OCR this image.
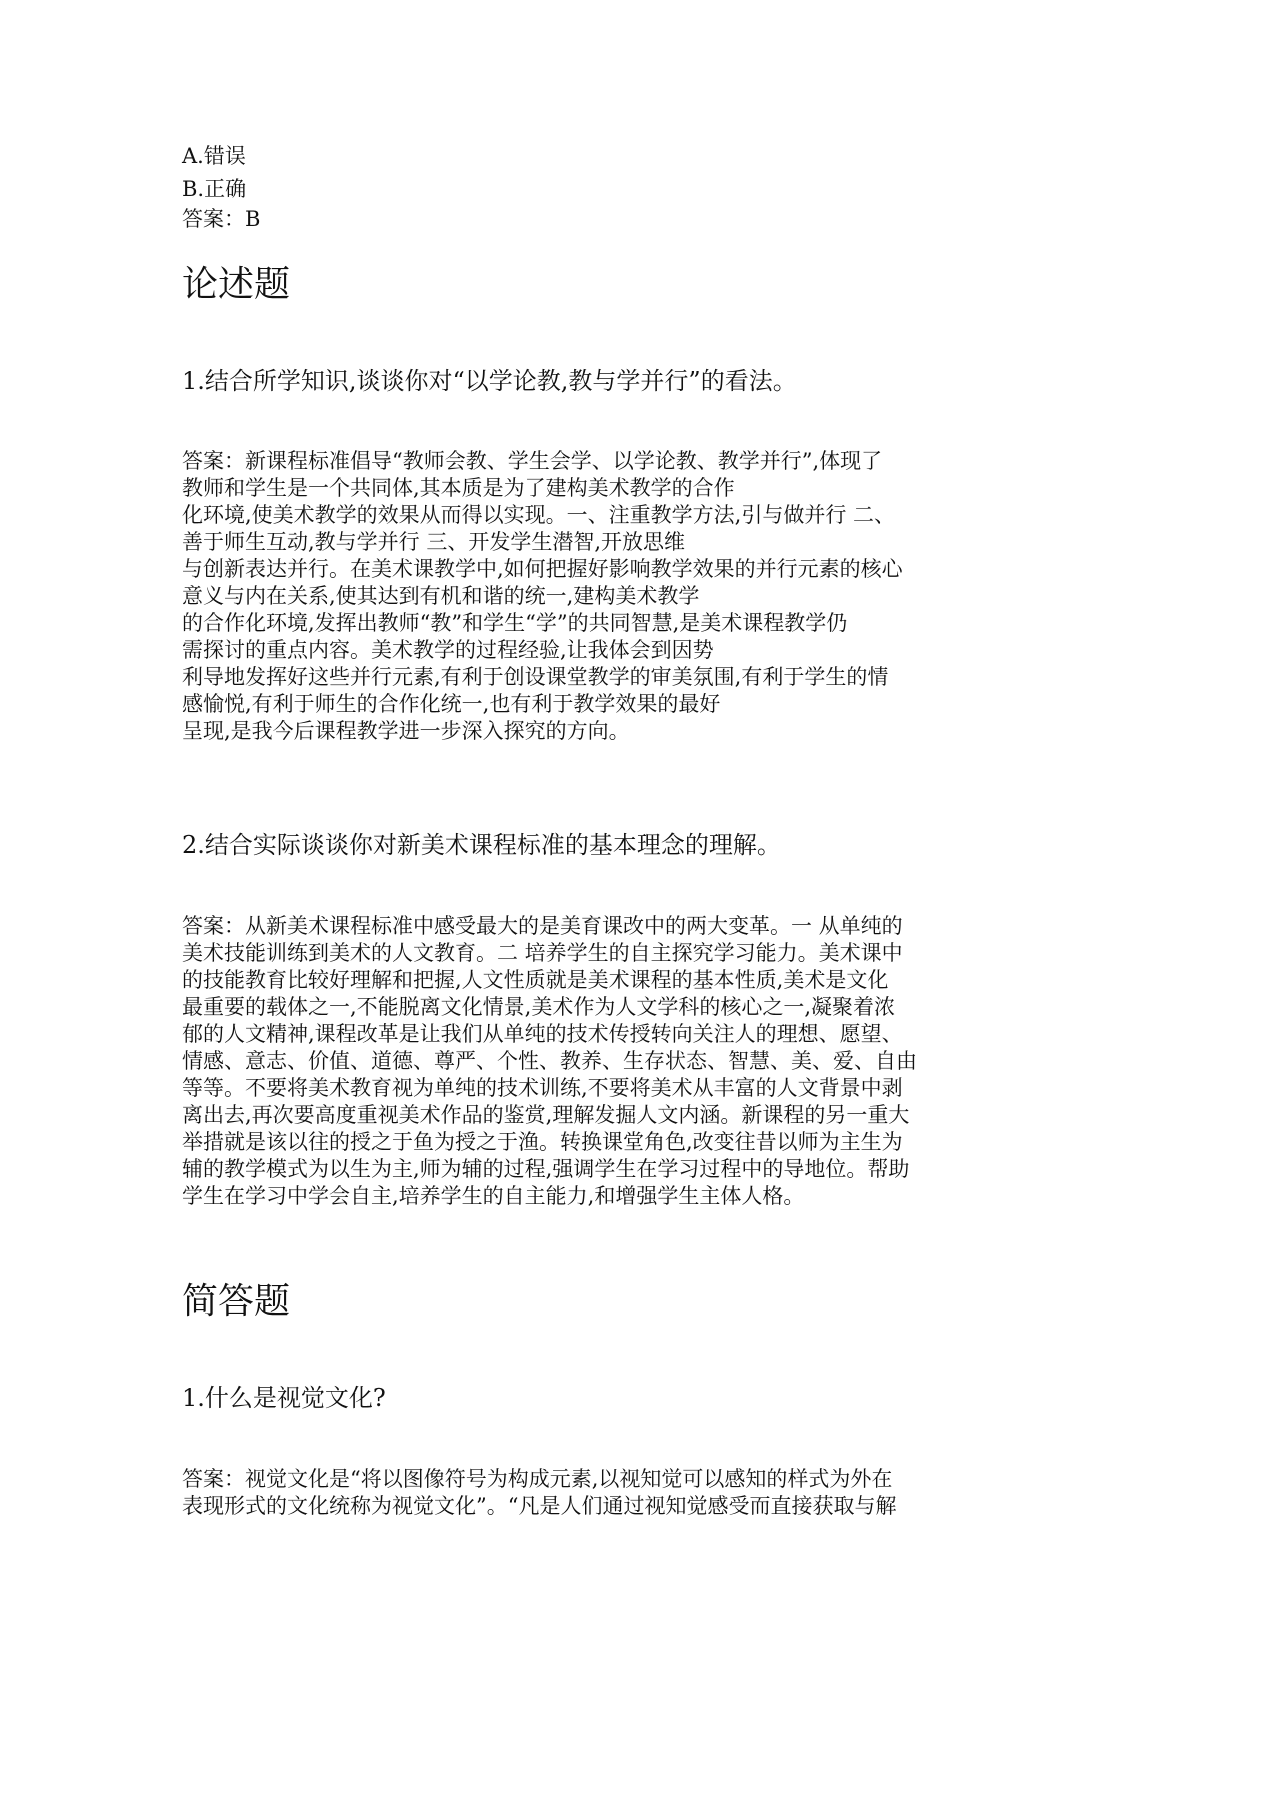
A.错误
B.正确
答案：B
论述题
1.结合所学知识,谈谈你对“以学论教,教与学并行”的看法。
答案：新课程标准倡导“教师会教、学生会学、以学论教、教学并行”,体现了
教师和学生是一个共同体,其本质是为了建构美术教学的合作
化环境,使美术教学的效果从而得以实现。一、注重教学方法,引与做并行 二、
善于师生互动,教与学并行 三、开发学生潜智,开放思维
与创新表达并行。在美术课教学中,如何把握好影响教学效果的并行元素的核心
意义与内在关系,使其达到有机和谐的统一,建构美术教学
的合作化环境,发挥出教师“教”和学生“学”的共同智慧,是美术课程教学仍
需探讨的重点内容。美术教学的过程经验,让我体会到因势
利导地发挥好这些并行元素,有利于创设课堂教学的审美氛围,有利于学生的情
感愉悦,有利于师生的合作化统一,也有利于教学效果的最好
呈现,是我今后课程教学进一步深入探究的方向。
2.结合实际谈谈你对新美术课程标准的基本理念的理解。
答案：从新美术课程标准中感受最大的是美育课改中的两大变革。一 从单纯的
美术技能训练到美术的人文教育。二 培养学生的自主探究学习能力。美术课中
的技能教育比较好理解和把握,人文性质就是美术课程的基本性质,美术是文化
最重要的载体之一,不能脱离文化情景,美术作为人文学科的核心之一,凝聚着浓
郁的人文精神,课程改革是让我们从单纯的技术传授转向关注人的理想、愿望、
情感、意志、价值、道德、尊严、个性、教养、生存状态、智慧、美、爱、自由
等等。不要将美术教育视为单纯的技术训练,不要将美术从丰富的人文背景中剥
离出去,再次要高度重视美术作品的鉴赏,理解发掘人文内涵。新课程的另一重大
举措就是该以往的授之于鱼为授之于渔。转换课堂角色,改变往昔以师为主生为
辅的教学模式为以生为主,师为辅的过程,强调学生在学习过程中的导地位。帮助
学生在学习中学会自主,培养学生的自主能力,和增强学生主体人格。
简答题
1.什么是视觉文化?
答案：视觉文化是“将以图像符号为构成元素,以视知觉可以感知的样式为外在
表现形式的文化统称为视觉文化”。“凡是人们通过视知觉感受而直接获取与解
